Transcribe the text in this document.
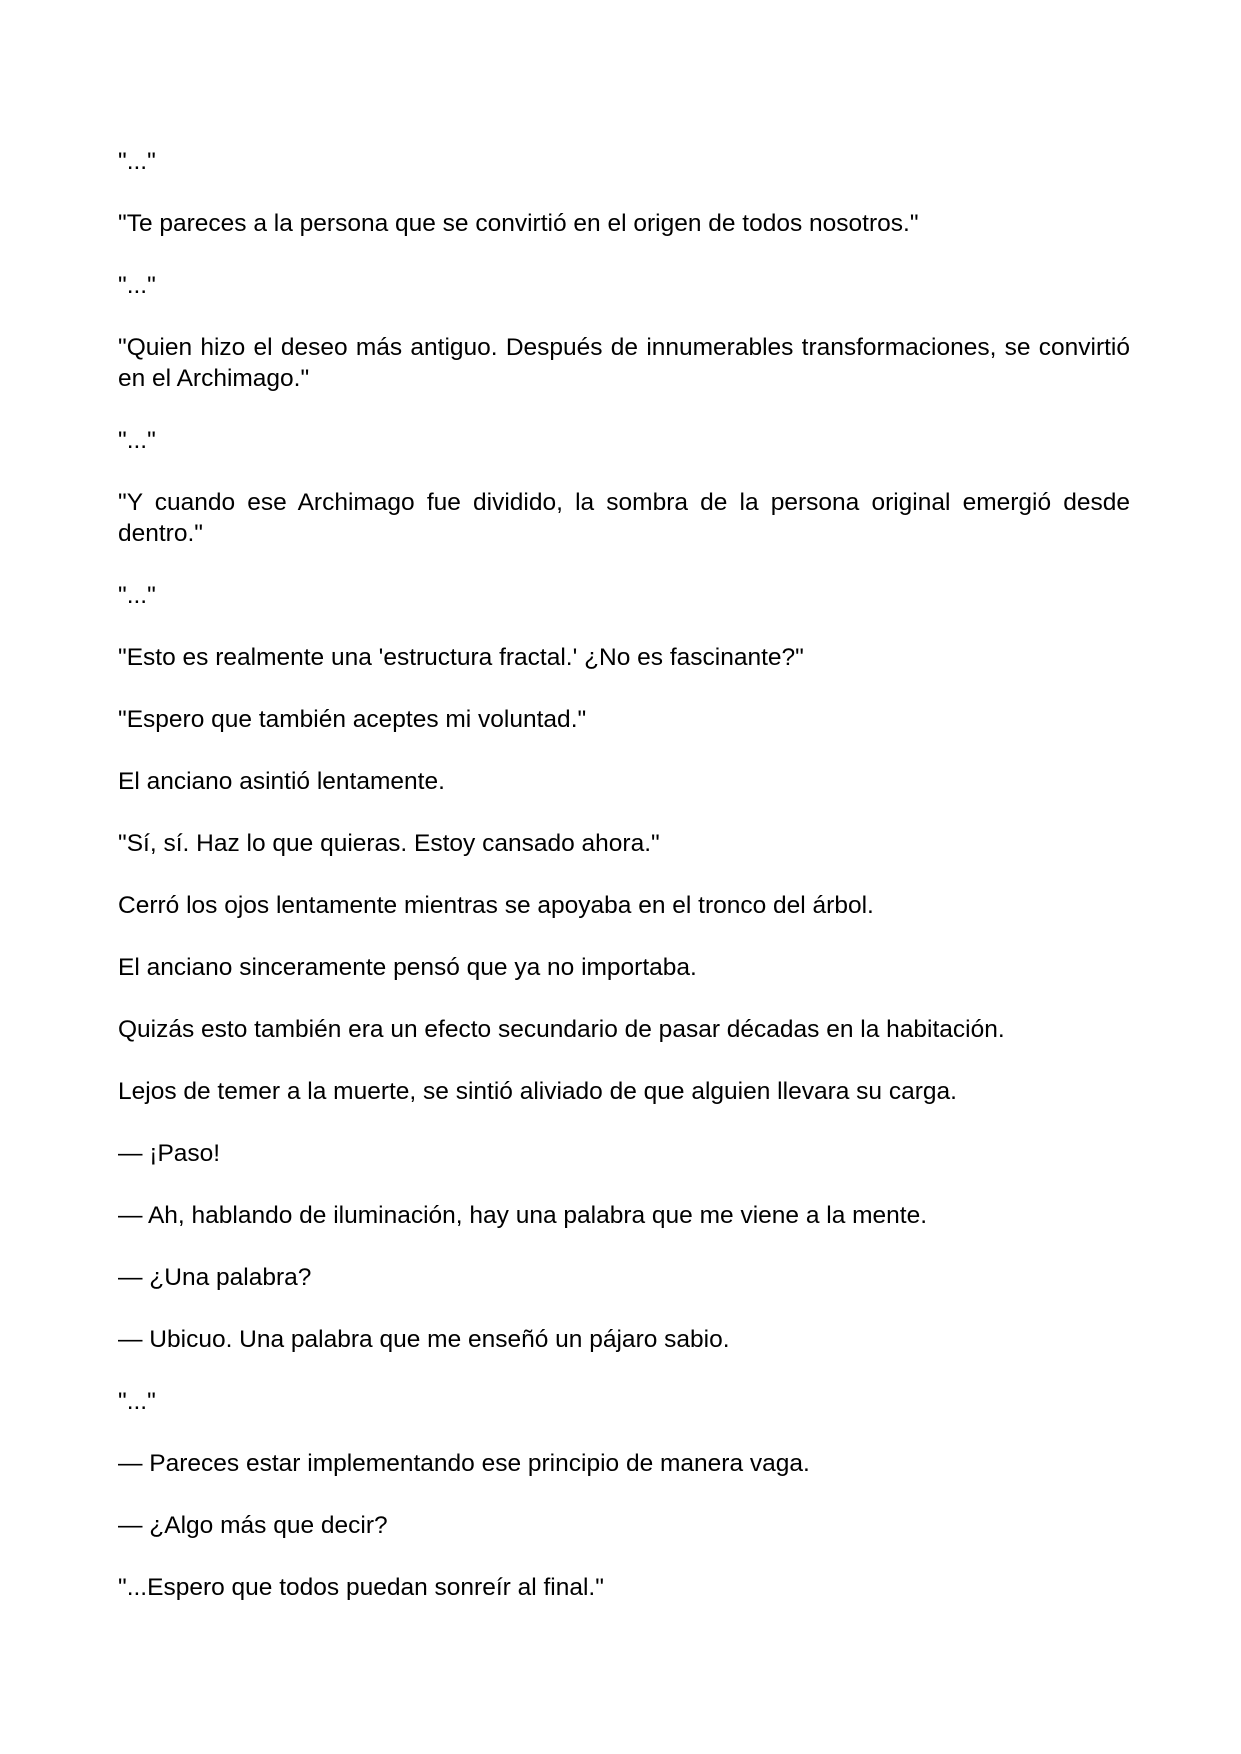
"..."

"Te pareces a la persona que se convirtió en el origen de todos nosotros."

"..."

"Quien hizo el deseo más antiguo. Después de innumerables transformaciones, se convirtió en el Archimago."

"..."

"Y cuando ese Archimago fue dividido, la sombra de la persona original emergió desde dentro."

"..."

"Esto es realmente una 'estructura fractal.' ¿No es fascinante?"

"Espero que también aceptes mi voluntad."

El anciano asintió lentamente.

"Sí, sí. Haz lo que quieras. Estoy cansado ahora."

Cerró los ojos lentamente mientras se apoyaba en el tronco del árbol.

El anciano sinceramente pensó que ya no importaba.

Quizás esto también era un efecto secundario de pasar décadas en la habitación.

Lejos de temer a la muerte, se sintió aliviado de que alguien llevara su carga.

— ¡Paso!

— Ah, hablando de iluminación, hay una palabra que me viene a la mente.

— ¿Una palabra?

— Ubicuo. Una palabra que me enseñó un pájaro sabio.

"..."

— Pareces estar implementando ese principio de manera vaga.

— ¿Algo más que decir?

"...Espero que todos puedan sonreír al final."
